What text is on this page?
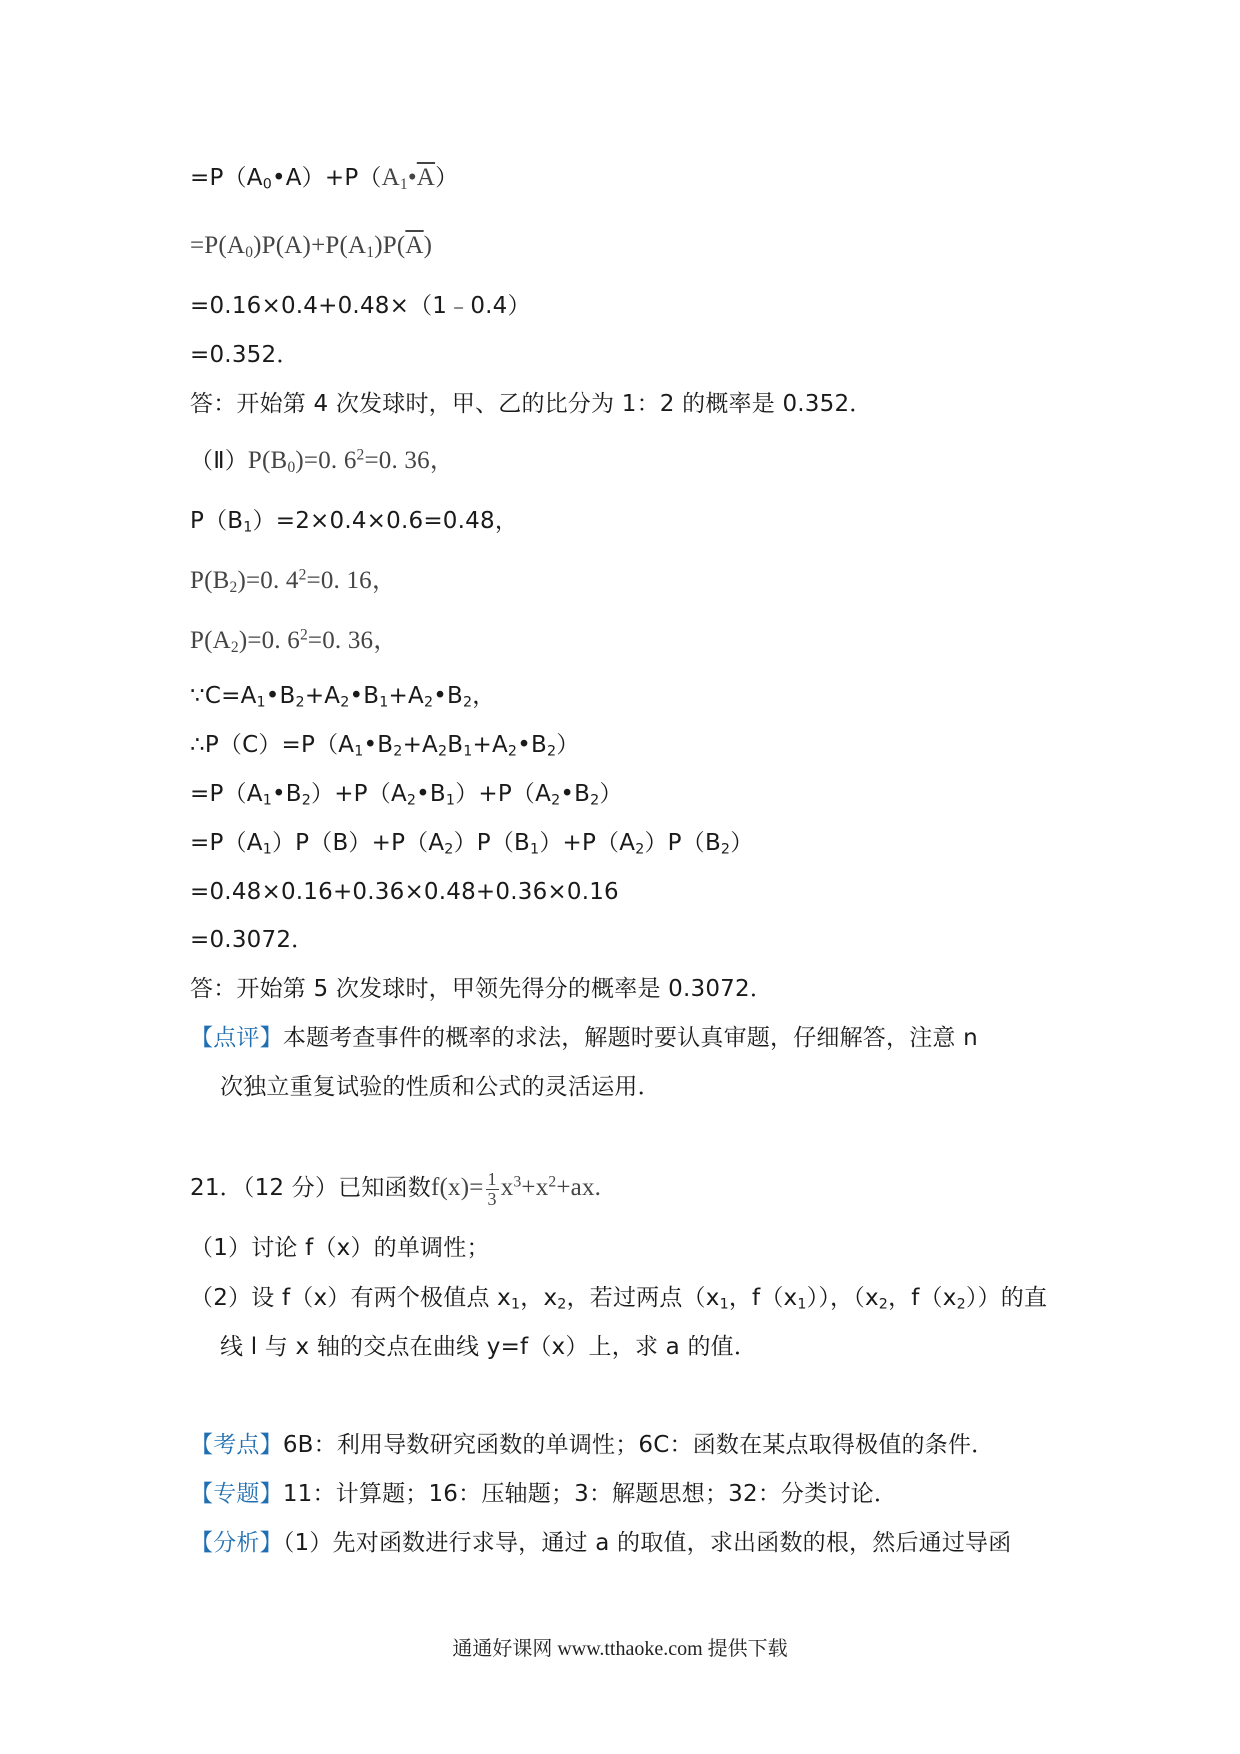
$=P(A_0•A)+P(A_1•\overline{A})$
$=P(A_0)P(A)+P(A_1)P(\overline{A})$
=0.16×0.4+0.48×（1﹣0.4）
=0.352．
答：开始第 4 次发球时，甲、乙的比分为 1：2 的概率是 0.352．
$(Ⅱ)P(B_0)=0$. $6^2=0$. 36，
$P(B_1)=2\times 0.4\times 0.6=0.48$，
$P(B_2)=0$. $4^2=0$. 16，
$P(A_2)=0$. $6^2=0$. 36，
$\because C=A_1•B_2+A_2•B_1+A_2•B_2$，
$\therefore P(C)=P(A_1•B_2+A_2B_1+A_2•B_2)$
$=P(A_1•B_2)+P(A_2•B_1)+P(A_2•B_2)$
$=P(A_1)P(B)+P(A_2)P(B_1)+P(A_2)P(B_2)$
=0.48×0.16+0.36×0.48+0.36×0.16
=0.3072．
答：开始第 5 次发球时，甲领先得分的概率是 0.3072．
【点评】本题考查事件的概率的求法，解题时要认真审题，仔细解答，注意 n
次独立重复试验的性质和公式的灵活运用．
21．（12 分）已知函数$f(x)= \frac{1}{3} x^3+x^2+ax$.
（1）讨论 f（x）的单调性；
（2）设 f（x）有两个极值点 $x_1$，$x_2$，若过两点（$x_1$，$f(x_1)$），（$x_2$，$f(x_2)$）的直
线 l 与 x 轴的交点在曲线 y=f（x）上，求 a 的值．
【考点】6B：利用导数研究函数的单调性；6C：函数在某点取得极值的条件．
【专题】11：计算题；16：压轴题；3：解题思想；32：分类讨论．
【分析】（1）先对函数进行求导，通过 a 的取值，求出函数的根，然后通过导函
通通好课网 www.tthaoke.com 提供下载
